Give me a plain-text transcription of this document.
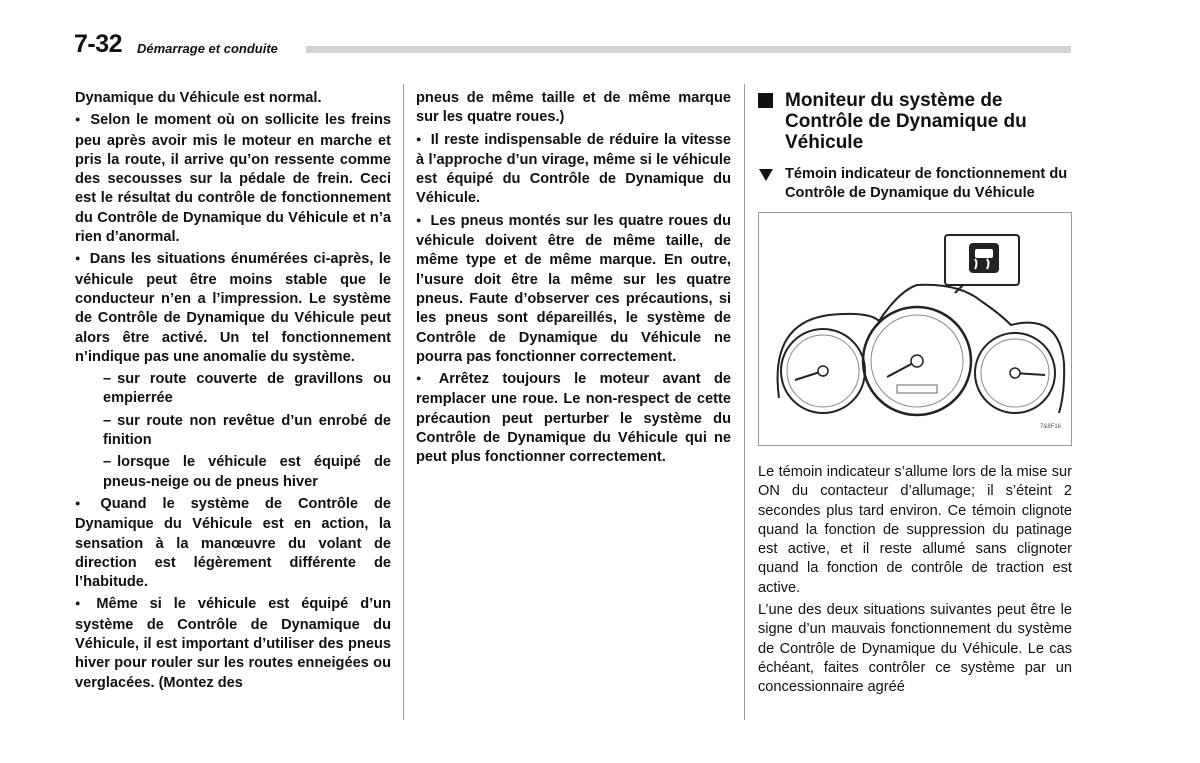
7-32 Démarrage et conduite

Dynamique du Véhicule est normal.

● Selon le moment où on sollicite les freins peu après avoir mis le moteur en marche et pris la route, il arrive qu’on ressente comme des secousses sur la pédale de frein. Ceci est le résultat du contrôle de fonctionnement du Contrôle de Dynamique du Véhicule et n’a rien d’anormal.

● Dans les situations énumérées ci-après, le véhicule peut être moins stable que le conducteur n’en a l’impression. Le système de Contrôle de Dynamique du Véhicule peut alors être activé. Un tel fonctionnement n’indique pas une anomalie du système.

– sur route couverte de gravillons ou empierrée

– sur route non revêtue d’un enrobé de finition

– lorsque le véhicule est équipé de pneus-neige ou de pneus hiver

● Quand le système de Contrôle de Dynamique du Véhicule est en action, la sensation à la manœuvre du volant de direction est légèrement différente de l’habitude.

● Même si le véhicule est équipé d’un système de Contrôle de Dynamique du Véhicule, il est important d’utiliser des pneus hiver pour rouler sur les routes enneigées ou verglacées. (Montez des

pneus de même taille et de même marque sur les quatre roues.)

● Il reste indispensable de réduire la vitesse à l’approche d’un virage, même si le véhicule est équipé du Contrôle de Dynamique du Véhicule.

● Les pneus montés sur les quatre roues du véhicule doivent être de même taille, de même type et de même marque. En outre, l’usure doit être la même sur les quatre pneus. Faute d’observer ces précautions, si les pneus sont dépareillés, le système de Contrôle de Dynamique du Véhicule ne pourra pas fonctionner correctement.

● Arrêtez toujours le moteur avant de remplacer une roue. Le non-respect de cette précaution peut perturber le système du Contrôle de Dynamique du Véhicule qui ne peut plus fonctionner correctement.

Moniteur du système de Contrôle de Dynamique du Véhicule
Témoin indicateur de fonctionnement du Contrôle de Dynamique du Véhicule
7&8F16

Le témoin indicateur s’allume lors de la mise sur ON du contacteur d’allumage; il s’éteint 2 secondes plus tard environ. Ce témoin clignote quand la fonction de suppression du patinage est active, et il reste allumé sans clignoter quand la fonction de contrôle de traction est active.

L’une des deux situations suivantes peut être le signe d’un mauvais fonctionnement du système de Contrôle de Dynamique du Véhicule. Le cas échéant, faites contrôler ce système par un concessionnaire agréé
